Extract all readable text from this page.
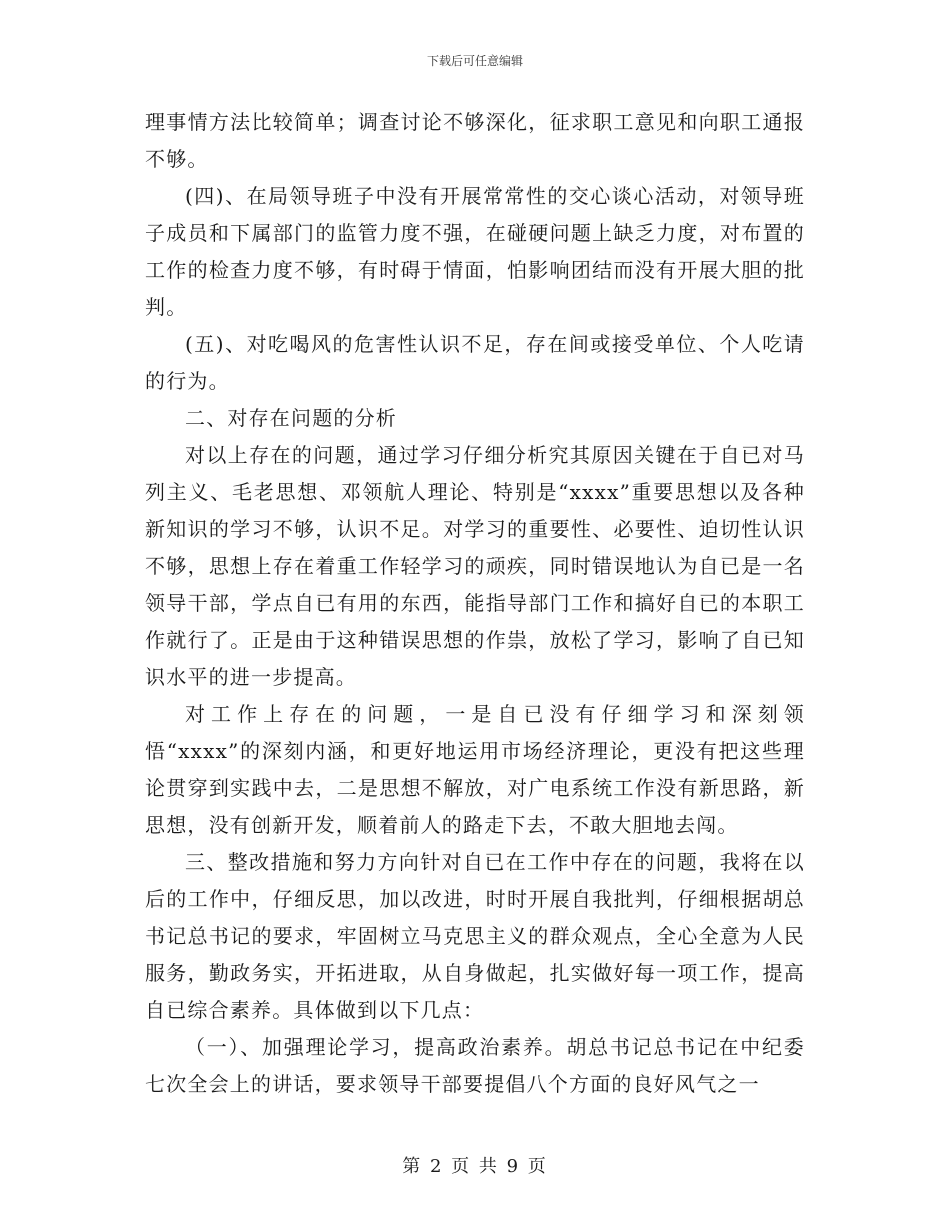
下载后可任意编辑

理事情方法比较简单；调查讨论不够深化，征求职工意见和向职工通报不够。

(四)、在局领导班子中没有开展常常性的交心谈心活动，对领导班子成员和下属部门的监管力度不强，在碰硬问题上缺乏力度，对布置的工作的检查力度不够，有时碍于情面，怕影响团结而没有开展大胆的批判。

(五)、对吃喝风的危害性认识不足，存在间或接受单位、个人吃请的行为。

二、对存在问题的分析

对以上存在的问题，通过学习仔细分析究其原因关键在于自已对马列主义、毛老思想、邓领航人理论、特别是“xxxx”重要思想以及各种新知识的学习不够，认识不足。对学习的重要性、必要性、迫切性认识不够，思想上存在着重工作轻学习的顽疾，同时错误地认为自已是一名领导干部，学点自已有用的东西，能指导部门工作和搞好自已的本职工作就行了。正是由于这种错误思想的作祟，放松了学习，影响了自已知识水平的进一步提高。

对工作上存在的问题，一是自已没有仔细学习和深刻领悟“xxxx”的深刻内涵，和更好地运用市场经济理论，更没有把这些理论贯穿到实践中去，二是思想不解放，对广电系统工作没有新思路，新思想，没有创新开发，顺着前人的路走下去，不敢大胆地去闯。

三、整改措施和努力方向针对自已在工作中存在的问题，我将在以后的工作中，仔细反思，加以改进，时时开展自我批判，仔细根据胡总书记总书记的要求，牢固树立马克思主义的群众观点，全心全意为人民服务，勤政务实，开拓进取，从自身做起，扎实做好每一项工作，提高自已综合素养。具体做到以下几点：

（一）、加强理论学习，提高政治素养。胡总书记总书记在中纪委七次全会上的讲话，要求领导干部要提倡八个方面的良好风气之一

第 2 页 共 9 页
